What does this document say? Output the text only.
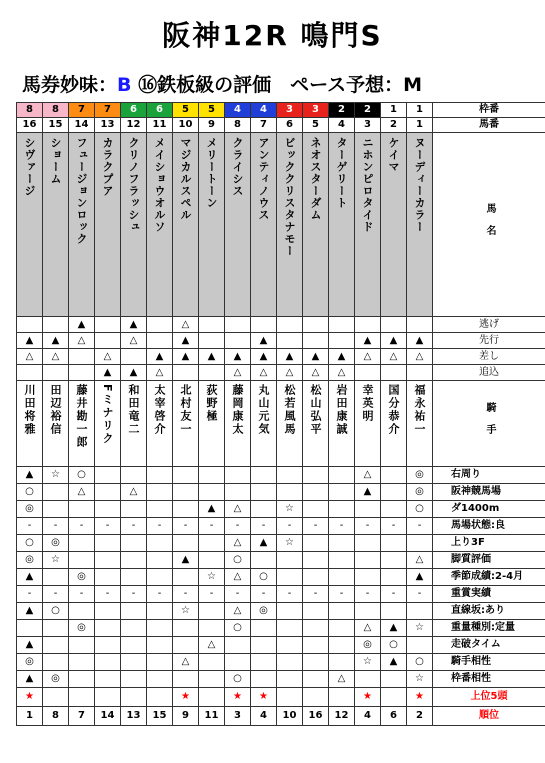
阪神12R 鳴門S
馬券妙味：B ⑯鉄板級の評価　ペース予想：M
8	8	7	7	6	6	5	5	4	4	3	3	2	2	1	1	枠番
16	15	14	13	12	11	10	9	8	7	6	5	4	3	2	1	馬番

シヴァージ	ショーム	フュージョンロック	カラクプア	クリノフラッシュ	メイショウオルソ	マジカルスペル	メリートーン	クライシス	アンティノウス	ビッククリスタナモー	ネオスターダム	ターゲリート	ニホンピロタイド	ケイマ	ヌーディーカラー	馬名

		▲		▲		△										逃げ
▲	▲	△		△		▲			▲				▲	▲	▲	先行
△	△		△		▲	▲	▲	▲	▲	▲	▲	▲	△	△	△	差し
			▲	▲	△			△	△	△	△	△				追込

川田将雅	田辺裕信	藤井勘一郎	Fミナリク	和田竜二	太宰啓介	北村友一	荻野極	藤岡康太	丸山元気	松若風馬	松山弘平	岩田康誠	幸英明	国分恭介	福永祐一	騎手

▲	☆	○											△		◎	右周り
○		△		△									▲		◎	阪神競馬場
◎							▲	△		☆					○	ダ1400m
-	-	-	-	-	-	-	-	-	-	-	-	-	-	-	-	馬場状態:良
○	◎							△	▲	☆						上り3F
◎	☆					▲		○							△	脚質評価
▲		◎					☆	△	○						▲	季節成績:2-4月
-	-	-	-	-	-	-	-	-	-	-	-	-	-	-	-	重賞実績
▲	○					☆		△	◎							直線坂:あり
		◎						○					△	▲	☆	重量種別:定量
▲							△						◎	○		走破タイム
◎						△							☆	▲	○	騎手相性
▲	◎							○				△			☆	枠番相性
★						★		★	★				★		★	上位5頭
1	8	7	14	13	15	9	11	3	4	10	16	12	4	6	2	順位
